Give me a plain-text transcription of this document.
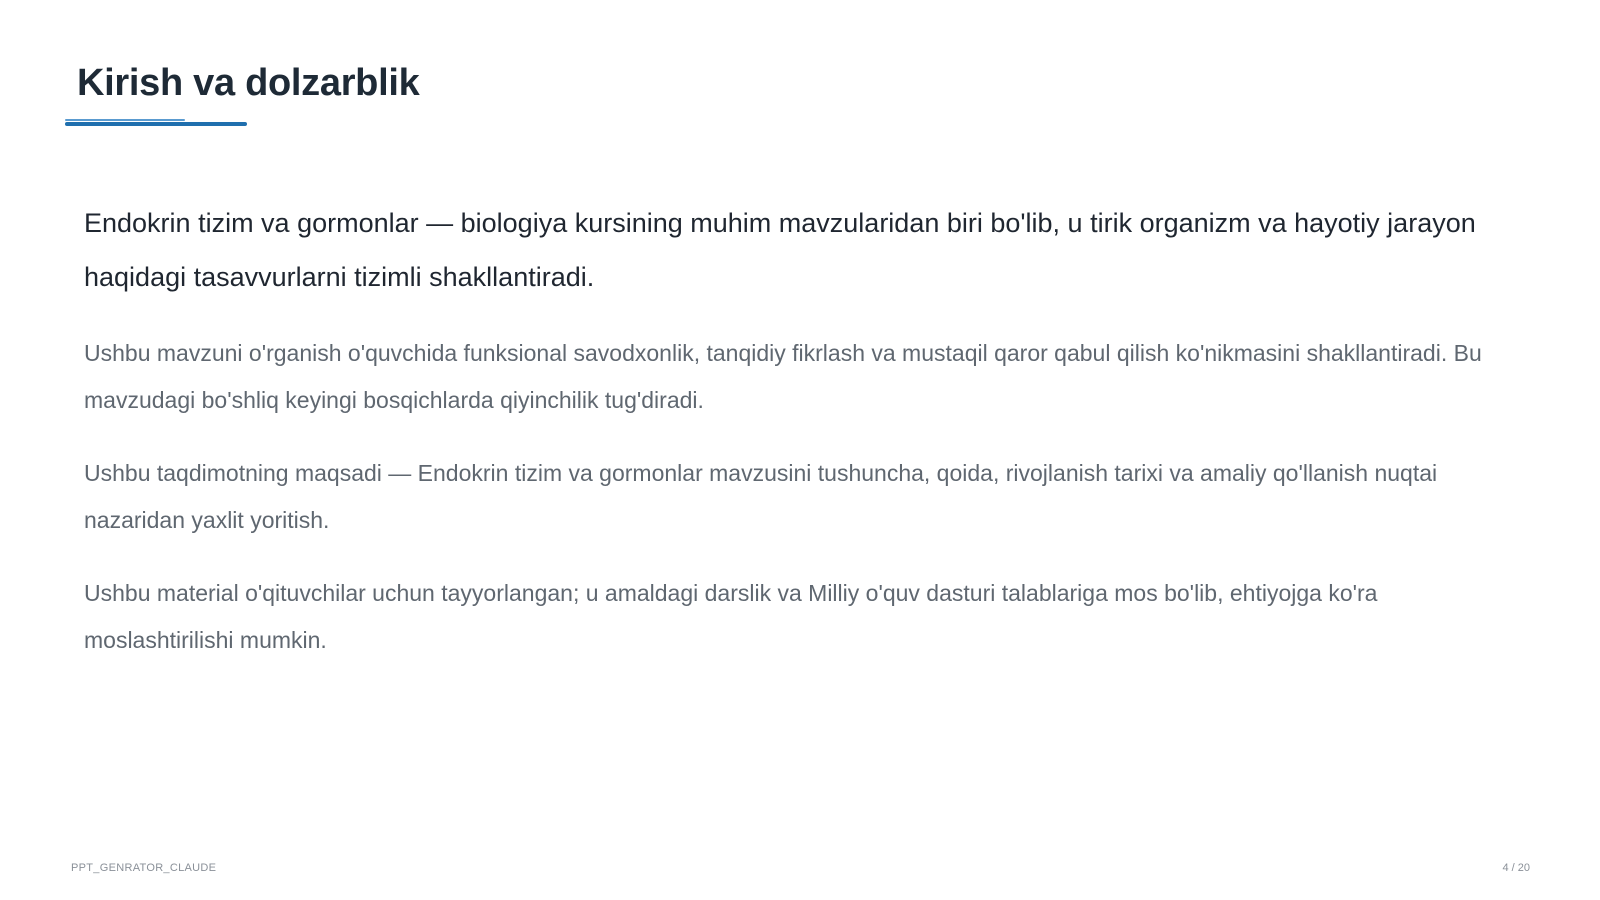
Kirish va dolzarblik

Endokrin tizim va gormonlar — biologiya kursining muhim mavzularidan biri bo'lib, u tirik organizm va hayotiy jarayon haqidagi tasavvurlarni tizimli shakllantiradi.

Ushbu mavzuni o'rganish o'quvchida funksional savodxonlik, tanqidiy fikrlash va mustaqil qaror qabul qilish ko'nikmasini shakllantiradi. Bu mavzudagi bo'shliq keyingi bosqichlarda qiyinchilik tug'diradi.

Ushbu taqdimotning maqsadi — Endokrin tizim va gormonlar mavzusini tushuncha, qoida, rivojlanish tarixi va amaliy qo'llanish nuqtai nazaridan yaxlit yoritish.

Ushbu material o'qituvchilar uchun tayyorlangan; u amaldagi darslik va Milliy o'quv dasturi talablariga mos bo'lib, ehtiyojga ko'ra moslashtirilishi mumkin.

PPT_GENRATOR_CLAUDE	4 / 20
